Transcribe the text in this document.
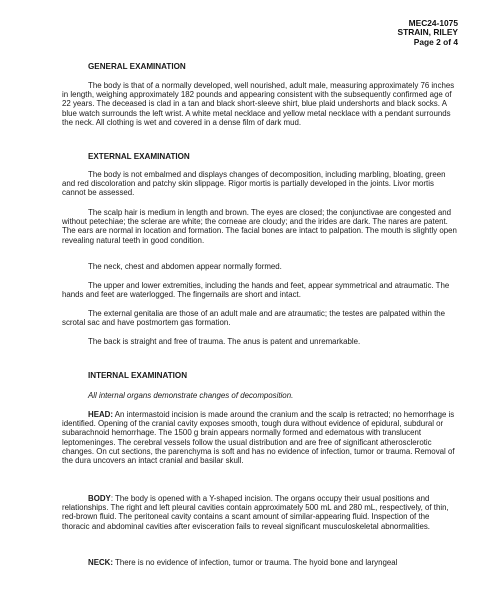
MEC24-1075
STRAIN, RILEY
Page 2 of 4
GENERAL EXAMINATION

The body is that of a normally developed, well nourished, adult male, measuring approximately 76 inches in length, weighing approximately 182 pounds and appearing consistent with the subsequently confirmed age of 22 years. The deceased is clad in a tan and black short-sleeve shirt, blue plaid undershorts and black socks. A blue watch surrounds the left wrist. A white metal necklace and yellow metal necklace with a pendant surrounds the neck. All clothing is wet and covered in a dense film of dark mud.

EXTERNAL EXAMINATION

The body is not embalmed and displays changes of decomposition, including marbling, bloating, green and red discoloration and patchy skin slippage. Rigor mortis is partially developed in the joints. Livor mortis cannot be assessed.

The scalp hair is medium in length and brown. The eyes are closed; the conjunctivae are congested and without petechiae; the sclerae are white; the corneae are cloudy; and the irides are dark. The nares are patent. The ears are normal in location and formation. The facial bones are intact to palpation. The mouth is slightly open revealing natural teeth in good condition.

The neck, chest and abdomen appear normally formed.

The upper and lower extremities, including the hands and feet, appear symmetrical and atraumatic. The hands and feet are waterlogged. The fingernails are short and intact.

The external genitalia are those of an adult male and are atraumatic; the testes are palpated within the scrotal sac and have postmortem gas formation.

The back is straight and free of trauma. The anus is patent and unremarkable.

INTERNAL EXAMINATION

All internal organs demonstrate changes of decomposition.

HEAD: An intermastoid incision is made around the cranium and the scalp is retracted; no hemorrhage is identified. Opening of the cranial cavity exposes smooth, tough dura without evidence of epidural, subdural or subarachnoid hemorrhage. The 1500 g brain appears normally formed and edematous with translucent leptomeninges. The cerebral vessels follow the usual distribution and are free of significant atherosclerotic changes. On cut sections, the parenchyma is soft and has no evidence of infection, tumor or trauma. Removal of the dura uncovers an intact cranial and basilar skull.

BODY: The body is opened with a Y-shaped incision. The organs occupy their usual positions and relationships. The right and left pleural cavities contain approximately 500 mL and 280 mL, respectively, of thin, red-brown fluid. The peritoneal cavity contains a scant amount of similar-appearing fluid. Inspection of the thoracic and abdominal cavities after evisceration fails to reveal significant musculoskeletal abnormalities.

NECK: There is no evidence of infection, tumor or trauma. The hyoid bone and laryngeal
